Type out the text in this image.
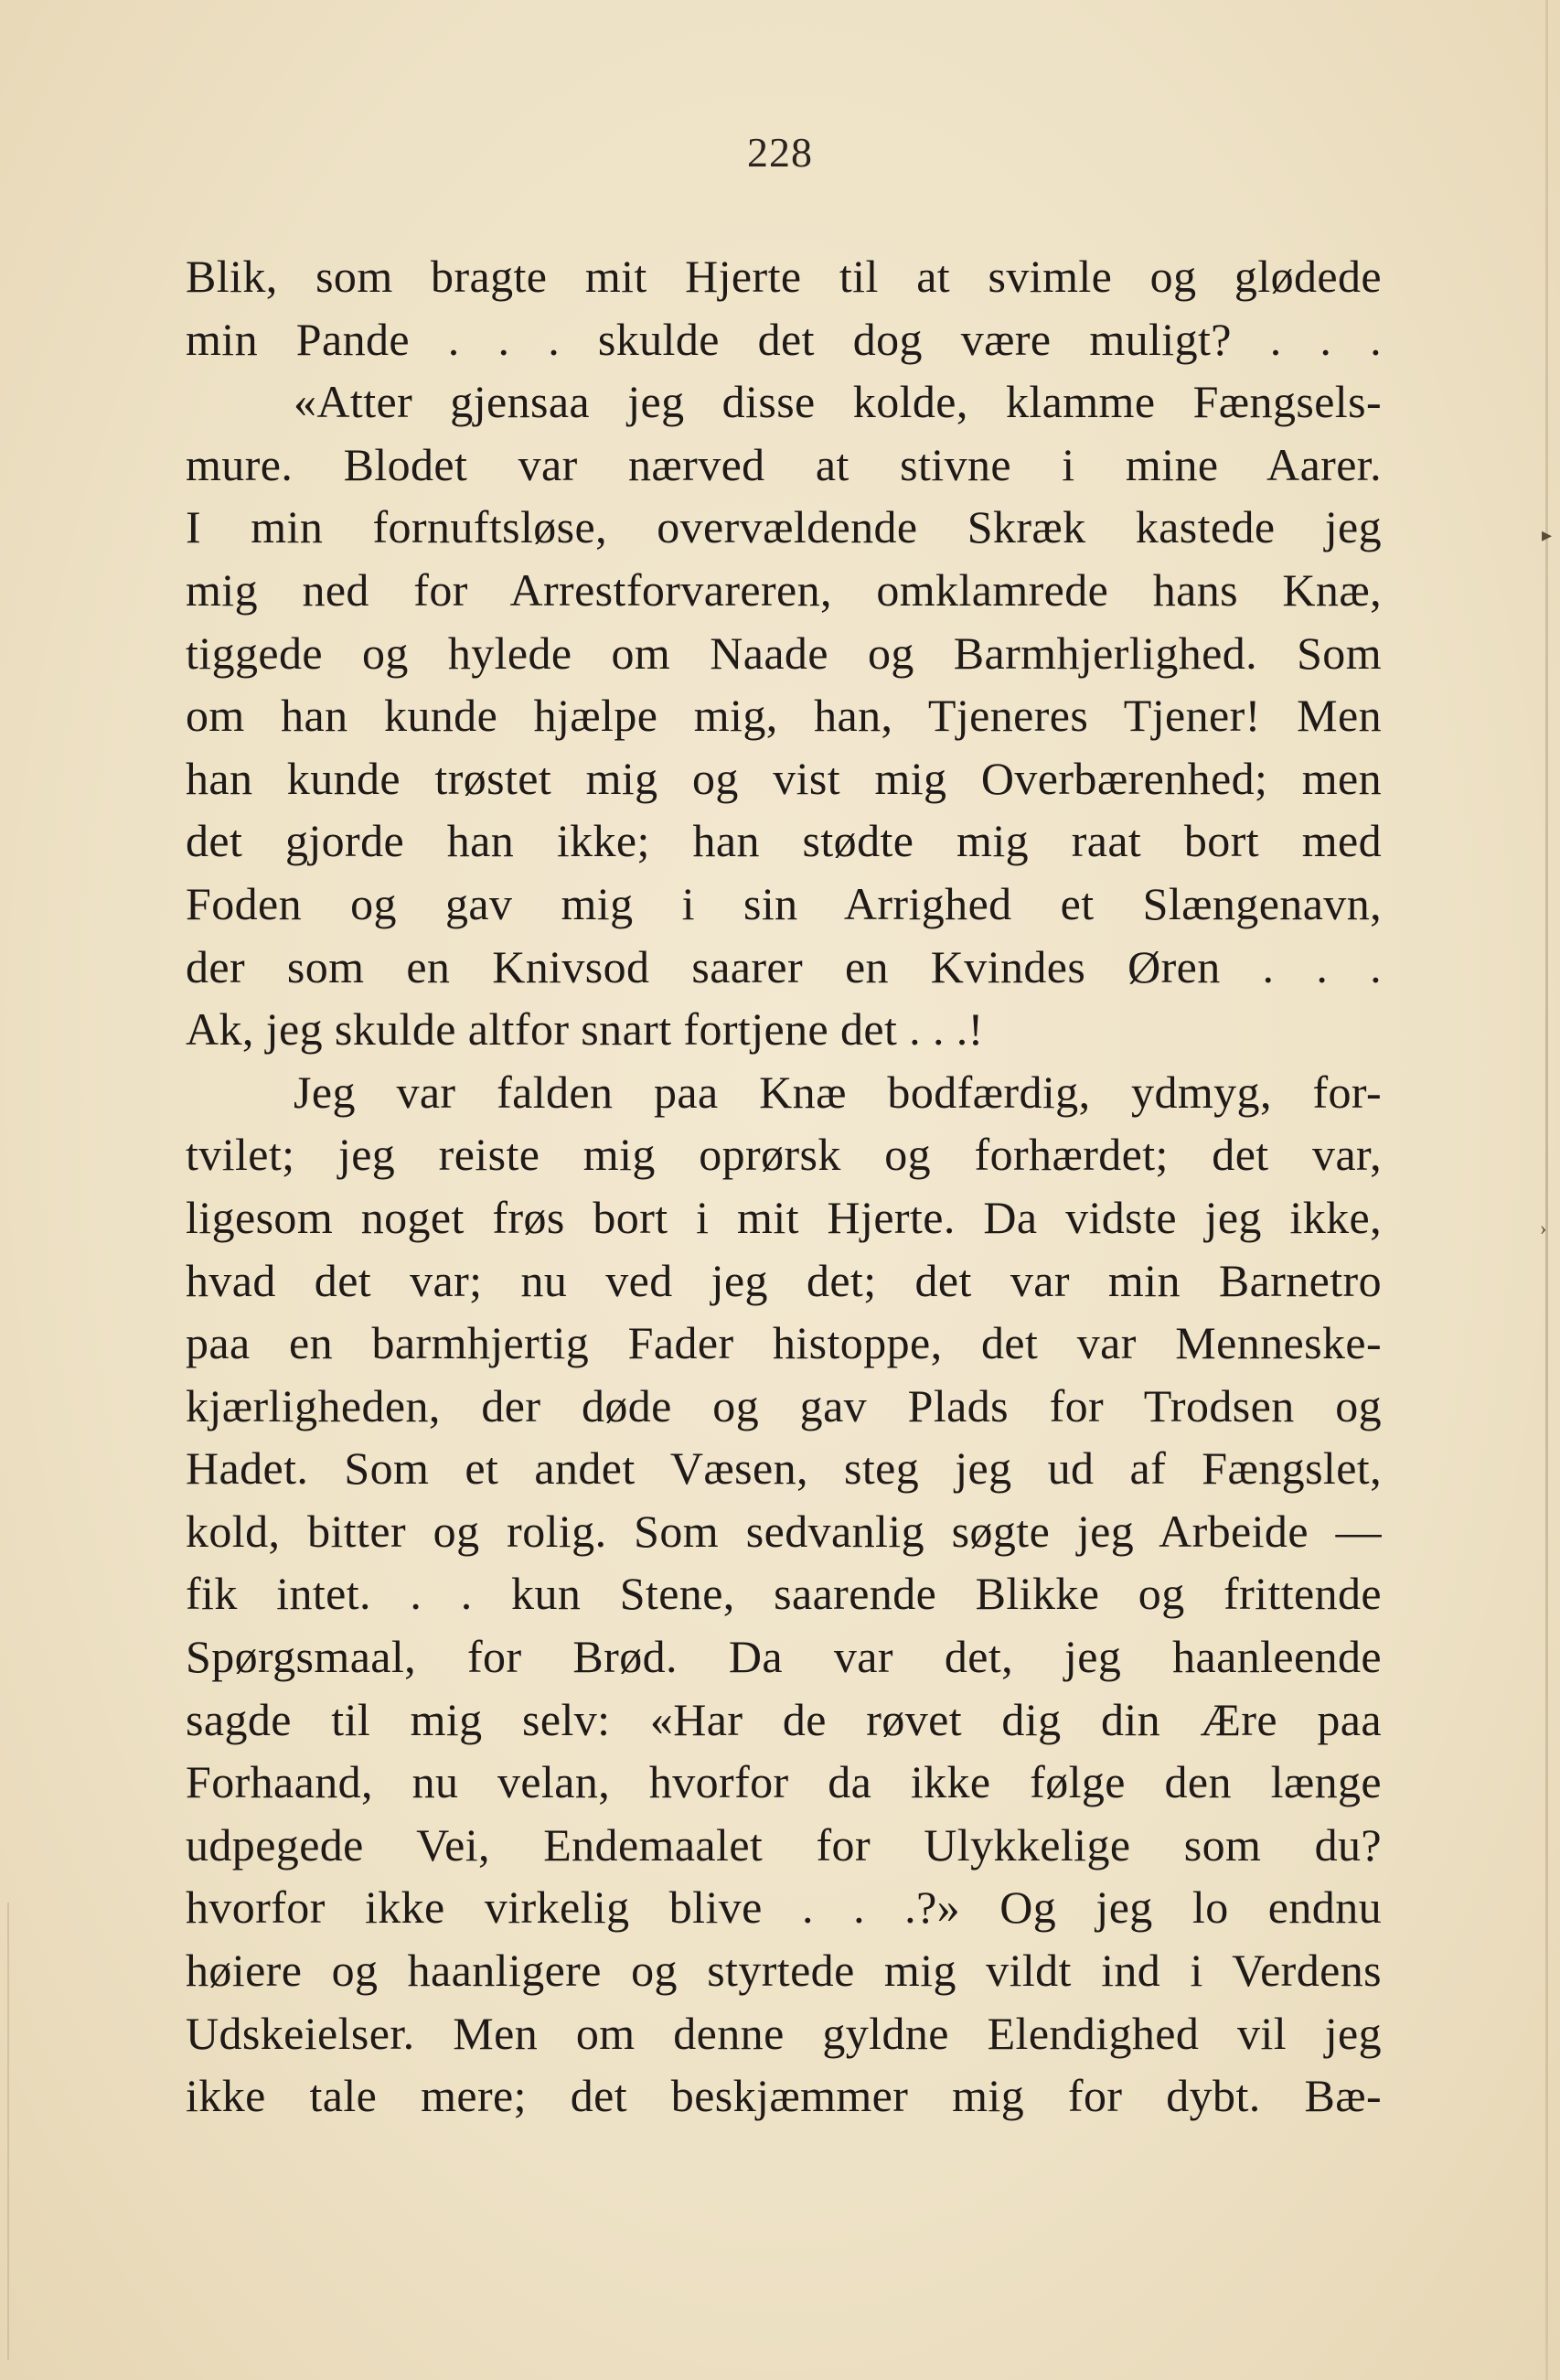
▸
›
228
Blik, som bragte mit Hjerte til at svimle og glødede
min Pande . . . skulde det dog være muligt? . . .
«Atter gjensaa jeg disse kolde, klamme Fængsels-
mure. Blodet var nærved at stivne i mine Aarer.
I min fornuftsløse, overvældende Skræk kastede jeg
mig ned for Arrestforvareren, omklamrede hans Knæ,
tiggede og hylede om Naade og Barmhjerlighed. Som
om han kunde hjælpe mig, han, Tjeneres Tjener! Men
han kunde trøstet mig og vist mig Overbærenhed; men
det gjorde han ikke; han stødte mig raat bort med
Foden og gav mig i sin Arrighed et Slængenavn,
der som en Knivsod saarer en Kvindes Øren . . .
Ak, jeg skulde altfor snart fortjene det . . .!
Jeg var falden paa Knæ bodfærdig, ydmyg, for-
tvilet; jeg reiste mig oprørsk og forhærdet; det var,
ligesom noget frøs bort i mit Hjerte. Da vidste jeg ikke,
hvad det var; nu ved jeg det; det var min Barnetro
paa en barmhjertig Fader histoppe, det var Menneske-
kjærligheden, der døde og gav Plads for Trodsen og
Hadet. Som et andet Væsen, steg jeg ud af Fængslet,
kold, bitter og rolig. Som sedvanlig søgte jeg Arbeide —
fik intet. . . kun Stene, saarende Blikke og frittende
Spørgsmaal, for Brød. Da var det, jeg haanleende
sagde til mig selv: «Har de røvet dig din Ære paa
Forhaand, nu velan, hvorfor da ikke følge den længe
udpegede Vei, Endemaalet for Ulykkelige som du?
hvorfor ikke virkelig blive . . .?» Og jeg lo endnu
høiere og haanligere og styrtede mig vildt ind i Verdens
Udskeielser. Men om denne gyldne Elendighed vil jeg
ikke tale mere; det beskjæmmer mig for dybt. Bæ-
